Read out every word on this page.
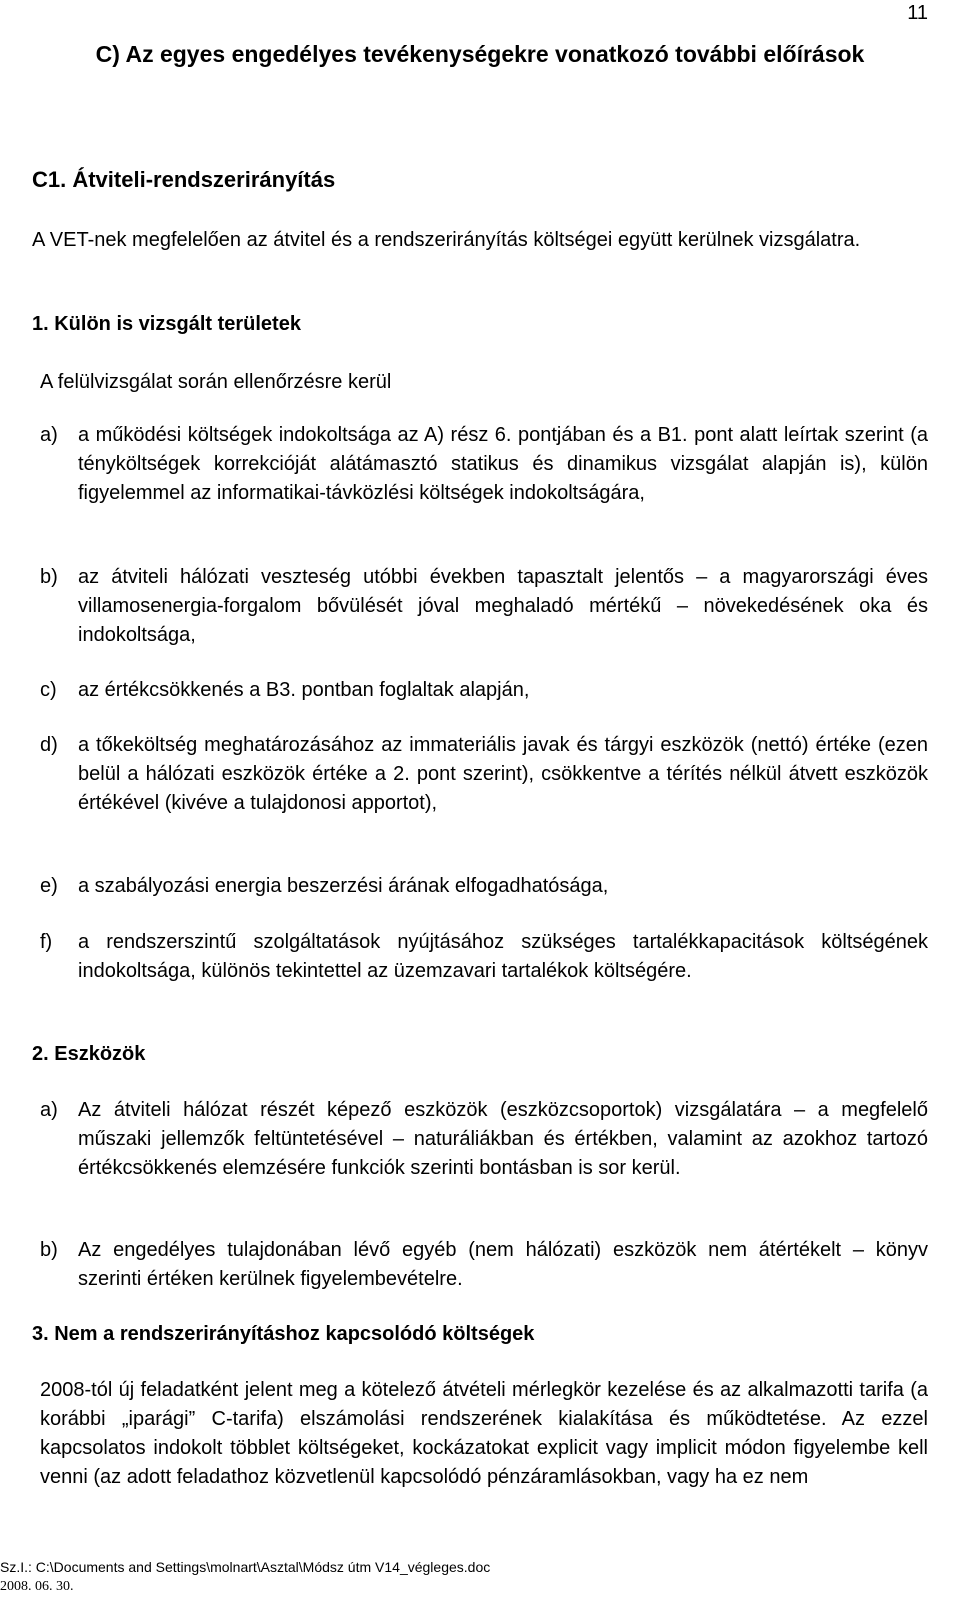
11
C) Az egyes engedélyes tevékenységekre vonatkozó további előírások
C1. Átviteli-rendszerirányítás

A VET-nek megfelelően az átvitel és a rendszerirányítás költségei együtt kerülnek vizsgálatra.

1. Külön is vizsgált területek

A felülvizsgálat során ellenőrzésre kerül

a) a működési költségek indokoltsága az A) rész 6. pontjában és a B1. pont alatt leírtak szerint (a tényköltségek korrekcióját alátámasztó statikus és dinamikus vizsgálat alapján is), külön figyelemmel az informatikai-távközlési költségek indokoltságára,

b) az átviteli hálózati veszteség utóbbi években tapasztalt jelentős – a magyarországi éves villamosenergia-forgalom bővülését jóval meghaladó mértékű – növekedésének oka és indokoltsága,

c) az értékcsökkenés a B3. pontban foglaltak alapján,

d) a tőkeköltség meghatározásához az immateriális javak és tárgyi eszközök (nettó) értéke (ezen belül a hálózati eszközök értéke a 2. pont szerint), csökkentve a térítés nélkül átvett eszközök értékével (kivéve a tulajdonosi apportot),

e) a szabályozási energia beszerzési árának elfogadhatósága,

f) a rendszerszintű szolgáltatások nyújtásához szükséges tartalékkapacitások költségének indokoltsága, különös tekintettel az üzemzavari tartalékok költségére.

2. Eszközök
a) Az átviteli hálózat részét képező eszközök (eszközcsoportok) vizsgálatára – a megfelelő műszaki jellemzők feltüntetésével – naturáliákban és értékben, valamint az azokhoz tartozó értékcsökkenés elemzésére funkciók szerinti bontásban is sor kerül.

b) Az engedélyes tulajdonában lévő egyéb (nem hálózati) eszközök nem átértékelt – könyv szerinti értéken kerülnek figyelembevételre.

3. Nem a rendszerirányításhoz kapcsolódó költségek

2008-tól új feladatként jelent meg a kötelező átvételi mérlegkör kezelése és az alkalmazotti tarifa (a korábbi „iparági” C-tarifa) elszámolási rendszerének kialakítása és működtetése. Az ezzel kapcsolatos indokolt többlet költségeket, kockázatokat explicit vagy implicit módon figyelembe kell venni (az adott feladathoz közvetlenül kapcsolódó pénzáramlásokban, vagy ha ez nem

Sz.I.: C:\Documents and Settings\molnart\Asztal\Módsz útm V14_végleges.doc
2008. 06. 30.
